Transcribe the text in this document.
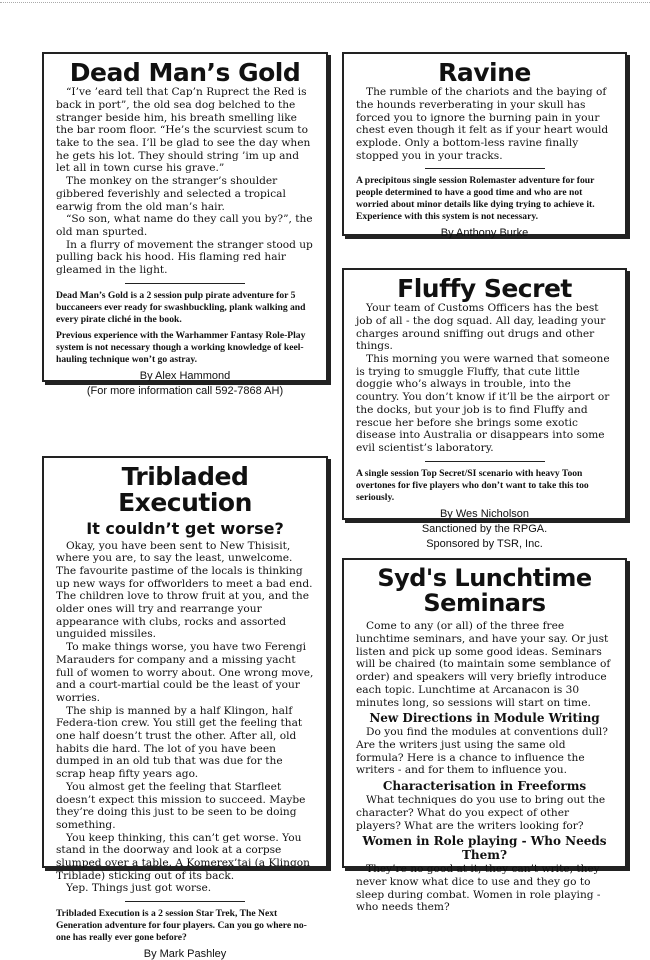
Dead Man’s Gold

“I’ve ’eard tell that Cap’n Ruprect the Red is back in port”, the old sea dog belched to the stranger beside him, his breath smelling like the bar room floor. “He’s the scurviest scum to take to the sea. I’ll be glad to see the day when he gets his lot. They should string ’im up and let all in town curse his grave.”

The monkey on the stranger’s shoulder gibbered feverishly and selected a tropical earwig from the old man’s hair.

“So son, what name do they call you by?”, the old man spurted.

In a flurry of movement the stranger stood up pulling back his hood. His flaming red hair gleamed in the light.

Dead Man’s Gold is a 2 session pulp pirate adventure for 5 buccaneers ever ready for swashbuckling, plank walking and every pirate cliché in the book.

Previous experience with the Warhammer Fantasy Role-Play system is not necessary though a working knowledge of keel-hauling technique won’t go astray.

By Alex Hammond

(For more information call 592-7868 AH)

Ravine

The rumble of the chariots and the baying of the hounds reverberating in your skull has forced you to ignore the burning pain in your chest even though it felt as if your heart would explode. Only a bottom-less ravine finally stopped you in your tracks.

A precipitous single session Rolemaster adventure for four people determined to have a good time and who are not worried about minor details like dying trying to achieve it. Experience with this system is not necessary.

By Anthony Burke

Fluffy Secret

Your team of Customs Officers has the best job of all - the dog squad. All day, leading your charges around sniffing out drugs and other things.

This morning you were warned that someone is trying to smuggle Fluffy, that cute little doggie who’s always in trouble, into the country. You don’t know if it’ll be the airport or the docks, but your job is to find Fluffy and rescue her before she brings some exotic disease into Australia or disappears into some evil scientist’s laboratory.

A single session Top Secret/SI scenario with heavy Toon overtones for five players who don’t want to take this too seriously.

By Wes Nicholson

Sanctioned by the RPGA.

Sponsored by TSR, Inc.

Tribladed Execution
It couldn’t get worse?

Okay, you have been sent to New Thisisit, where you are, to say the least, unwelcome. The favourite pastime of the locals is thinking up new ways for offworlders to meet a bad end. The children love to throw fruit at you, and the older ones will try and rearrange your appearance with clubs, rocks and assorted unguided missiles.

To make things worse, you have two Ferengi Marauders for company and a missing yacht full of women to worry about. One wrong move, and a court-martial could be the least of your worries.

The ship is manned by a half Klingon, half Federa-tion crew. You still get the feeling that one half doesn’t trust the other. After all, old habits die hard. The lot of you have been dumped in an old tub that was due for the scrap heap fifty years ago.

You almost get the feeling that Starfleet doesn’t expect this mission to succeed. Maybe they’re doing this just to be seen to be doing something.

You keep thinking, this can’t get worse. You stand in the doorway and look at a corpse slumped over a table. A Komerex’taj (a Klingon Triblade) sticking out of its back.

Yep. Things just got worse.

Tribladed Execution is a 2 session Star Trek, The Next Generation adventure for four players. Can you go where no-one has really ever gone before?

By Mark Pashley

Syd's Lunchtime
Seminars

Come to any (or all) of the three free lunchtime seminars, and have your say. Or just listen and pick up some good ideas. Seminars will be chaired (to maintain some semblance of order) and speakers will very briefly introduce each topic. Lunchtime at Arcanacon is 30 minutes long, so sessions will start on time.

New Directions in Module Writing

Do you find the modules at conventions dull? Are the writers just using the same old formula? Here is a chance to influence the writers - and for them to influence you.

Characterisation in Freeforms

What techniques do you use to bring out the character? What do you expect of other players? What are the writers looking for?

Women in Role playing - Who Needs Them?

They’re no good at it, they can’t write, they never know what dice to use and they go to sleep during combat. Women in role playing - who needs them?
